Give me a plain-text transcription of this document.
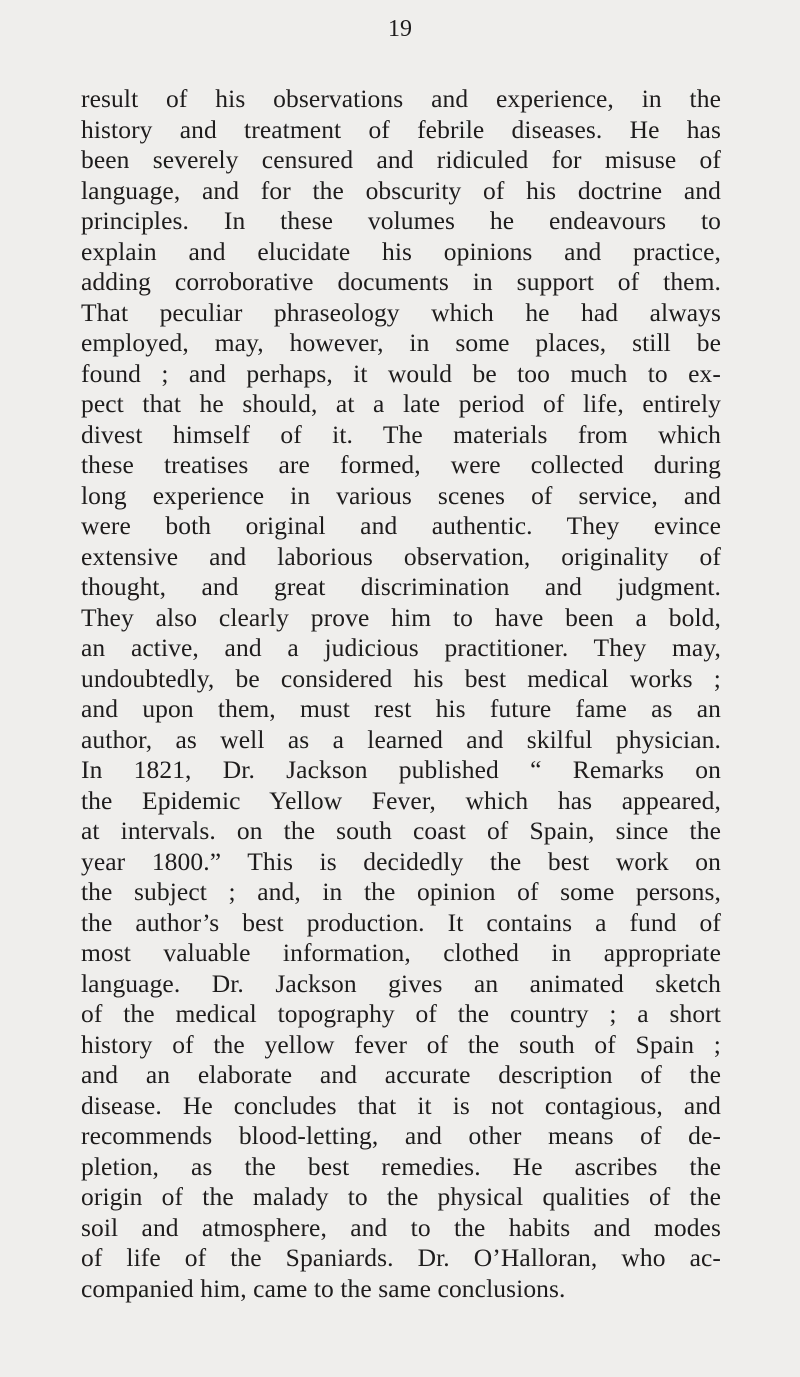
19
result of his observations and experience, in the
history and treatment of febrile diseases. He has
been severely censured and ridiculed for misuse of
language, and for the obscurity of his doctrine and
principles. In these volumes he endeavours to
explain and elucidate his opinions and practice,
adding corroborative documents in support of them.
That peculiar phraseology which he had always
employed, may, however, in some places, still be
found ; and perhaps, it would be too much to ex-
pect that he should, at a late period of life, entirely
divest himself of it. The materials from which
these treatises are formed, were collected during
long experience in various scenes of service, and
were both original and authentic. They evince
extensive and laborious observation, originality of
thought, and great discrimination and judgment.
They also clearly prove him to have been a bold,
an active, and a judicious practitioner. They may,
undoubtedly, be considered his best medical works ;
and upon them, must rest his future fame as an
author, as well as a learned and skilful physician.
In 1821, Dr. Jackson published “ Remarks on
the Epidemic Yellow Fever, which has appeared,
at intervals. on the south coast of Spain, since the
year 1800.” This is decidedly the best work on
the subject ; and, in the opinion of some persons,
the author’s best production. It contains a fund of
most valuable information, clothed in appropriate
language. Dr. Jackson gives an animated sketch
of the medical topography of the country ; a short
history of the yellow fever of the south of Spain ;
and an elaborate and accurate description of the
disease. He concludes that it is not contagious, and
recommends blood-letting, and other means of de-
pletion, as the best remedies. He ascribes the
origin of the malady to the physical qualities of the
soil and atmosphere, and to the habits and modes
of life of the Spaniards. Dr. O’Halloran, who ac-
companied him, came to the same conclusions.
